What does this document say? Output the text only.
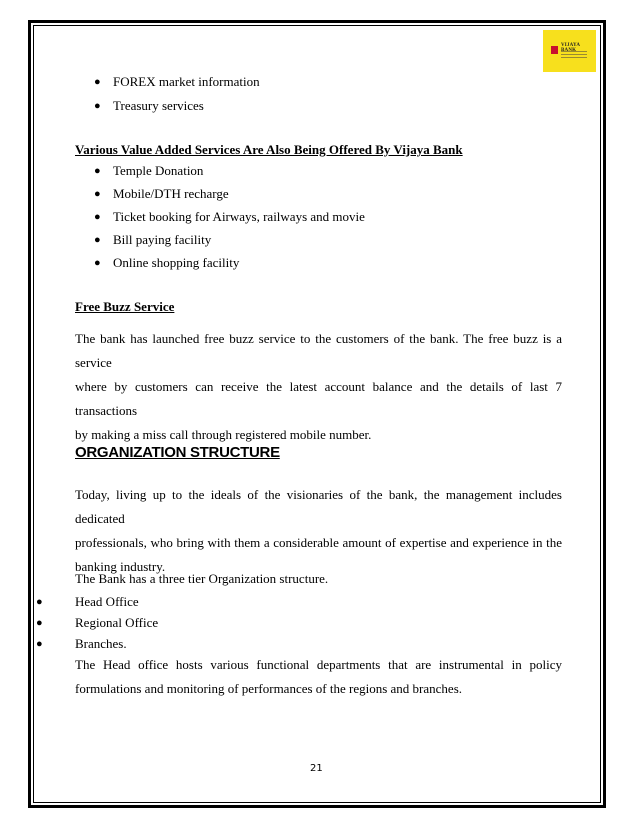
VIJAYA
● FOREX market information
● Treasury services
Various Value Added Services Are Also Being Offered By Vijaya Bank
● Temple Donation
● Mobile/DTH recharge
● Ticket booking for Airways, railways and movie
● Bill paying facility
● Online shopping facility
Free Buzz Service
The bank has launched free buzz service to the customers of the bank. The free buzz is a service
where by customers can receive the latest account balance and the details of last 7 transactions
by making a miss call through registered mobile number.
ORGANIZATION STRUCTURE
Today, living up to the ideals of the visionaries of the bank, the management includes dedicated
professionals, who bring with them a considerable amount of expertise and experience in the
banking industry.
The Bank has a three tier Organization structure.
● Head Office
● Regional Office
● Branches.
The Head office hosts various functional departments that are instrumental in policy
formulations and monitoring of performances of the regions and branches.
21
